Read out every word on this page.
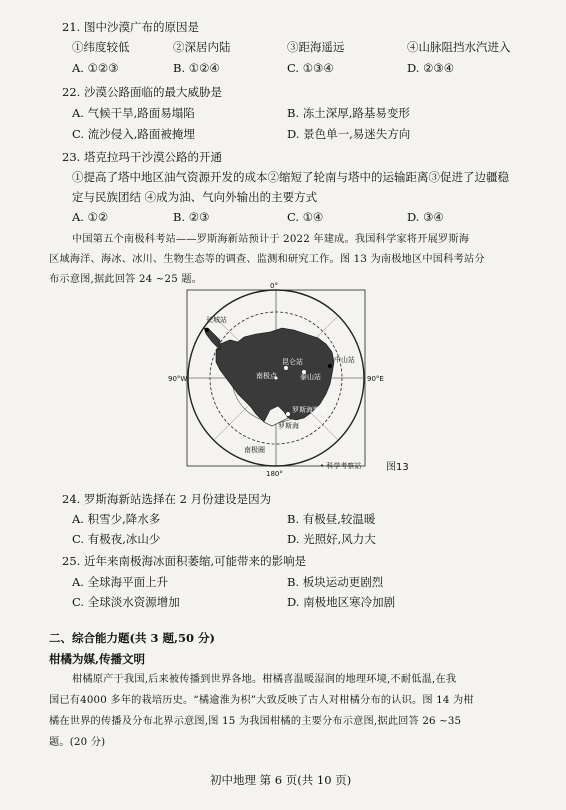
21. 图中沙漠广布的原因是
①纬度较低	②深居内陆	③距海遥远	④山脉阻挡水汽进入
A. ①②③	B. ①②④	C. ①③④	D. ②③④
22. 沙漠公路面临的最大威胁是
A. 气候干旱,路面易塌陷	B. 冻土深厚,路基易变形
C. 流沙侵入,路面被掩埋	D. 景色单一,易迷失方向
23. 塔克拉玛干沙漠公路的开通
①提高了塔中地区油气资源开发的成本②缩短了轮南与塔中的运输距离③促进了边疆稳
定与民族团结 ④成为油、气向外输出的主要方式
A. ①②	B. ②③	C. ①④	D. ③④
中国第五个南极科考站——罗斯海新站预计于 2022 年建成。我国科学家将开展罗斯海
区域海洋、海冰、冰川、生物生态等的调查、监测和研究工作。图 13 为南极地区中国科考站分
布示意图,据此回答 24 ~25 题。
0°
180°
90°W	90°E
长城站
中山站
昆仑站
泰山站
南极点
罗斯海新站
罗斯海
南极圈
• 科学考察站 图13
24. 罗斯海新站选择在 2 月份建设是因为
A. 积雪少,降水多	B. 有极昼,较温暖
C. 有极夜,冰山少	D. 光照好,风力大
25. 近年来南极海冰面积萎缩,可能带来的影响是
A. 全球海平面上升	B. 板块运动更剧烈
C. 全球淡水资源增加	D. 南极地区寒冷加剧
二、综合能力题(共 3 题,50 分)
柑橘为媒,传播文明
柑橘原产于我国,后来被传播到世界各地。柑橘喜温暖湿润的地理环境,不耐低温,在我
国已有4000 多年的栽培历史。“橘逾淮为枳”大致反映了古人对柑橘分布的认识。图 14 为柑
橘在世界的传播及分布北界示意图,图 15 为我国柑橘的主要分布示意图,据此回答 26 ~35
题。(20 分)
初中地理 第 6 页(共 10 页)
